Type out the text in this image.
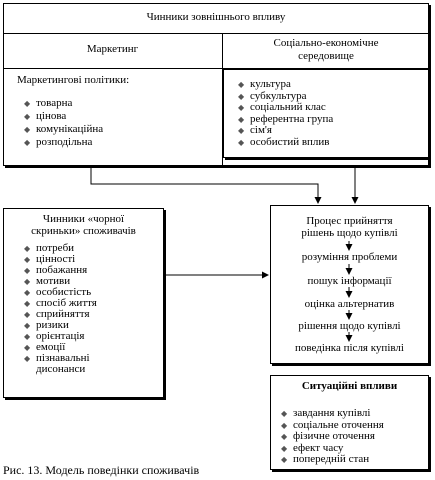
Чинники зовнішнього впливу
Маркетинг	Соціально-економічне
середовище
Маркетингові політики:
◆ товарна
◆ цінова
◆ комунікаційна
◆ розподільна
◆ культура
◆ субкультура
◆ соціальний клас
◆ референтна група
◆ сім'я
◆ особистий вплив
Чинники «чорної
скриньки» споживачів
◆ потреби
◆ цінності
◆ побажання
◆ мотиви
◆ особистість
◆ спосіб життя
◆ сприйняття
◆ ризики
◆ орієнтація
◆ емоції
◆ пізнавальні
дисонанси
Процес прийняття
рішень щодо купівлі
розуміння проблеми
пошук інформації
оцінка альтернатив
рішення щодо купівлі
поведінка після купівлі
Ситуаційні впливи
◆ завдання купівлі
◆ соціальне оточення
◆ фізичне оточення
◆ ефект часу
◆ попередній стан
Рис. 13. Модель поведінки споживачів
